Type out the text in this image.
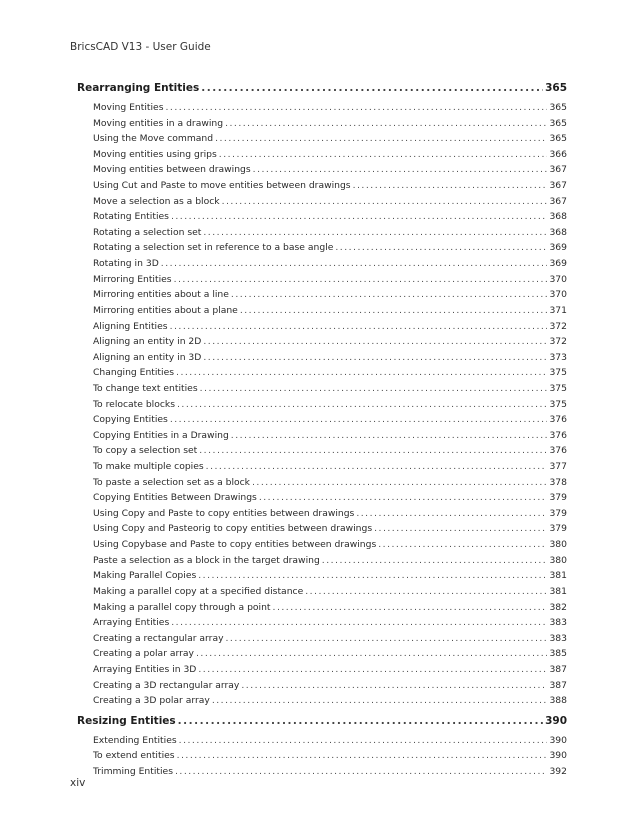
BricsCAD V13 - User Guide
Rearranging Entities .....	365
Moving Entities .....	365
Moving entities in a drawing .....	365
Using the Move command .....	365
Moving entities using grips .....	366
Moving entities between drawings .....	367
Using Cut and Paste to move entities between drawings .....	367
Move a selection as a block .....	367
Rotating Entities .....	368
Rotating a selection set .....	368
Rotating a selection set in reference to a base angle .....	369
Rotating in 3D .....	369
Mirroring Entities .....	370
Mirroring entities about a line .....	370
Mirroring entities about a plane .....	371
Aligning Entities .....	372
Aligning an entity in 2D .....	372
Aligning an entity in 3D .....	373
Changing Entities .....	375
To change text entities .....	375
To relocate blocks .....	375
Copying Entities .....	376
Copying Entities in a Drawing .....	376
To copy a selection set .....	376
To make multiple copies .....	377
To paste a selection set as a block .....	378
Copying Entities Between Drawings .....	379
Using Copy and Paste to copy entities between drawings .....	379
Using Copy and Pasteorig to copy entities between drawings .....	379
Using Copybase and Paste to copy entities between drawings .....	380
Paste a selection as a block in the target drawing .....	380
Making Parallel Copies .....	381
Making a parallel copy at a specified distance .....	381
Making a parallel copy through a point .....	382
Arraying Entities .....	383
Creating a rectangular array .....	383
Creating a polar array .....	385
Arraying Entities in 3D .....	387
Creating a 3D rectangular array .....	387
Creating a 3D polar array .....	388
Resizing Entities .....	390
Extending Entities .....	390
To extend entities .....	390
Trimming Entities .....	392
xiv
